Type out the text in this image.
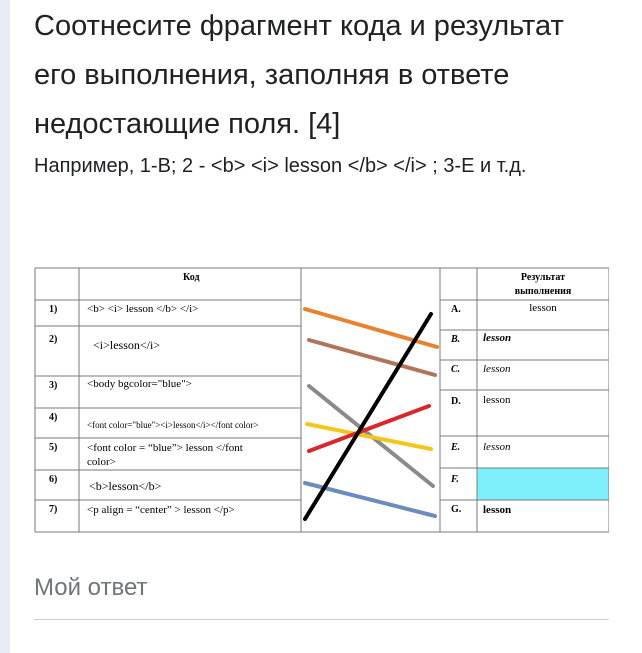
Соотнесите фрагмент кода и результат его выполнения, заполняя в ответе недостающие поля. [4]
Например, 1-B; 2 - <b> <i> lesson </b> </i> ; 3-E и т.д.
Код	Результат
выполнения
1)
2)
3)
4)
5)
6)
7)
<b> <i> lesson </b> </i>
<i>lesson</i>
<body bgcolor="blue">
<font color="blue"><i>lesson</i></font color>
<font color = “blue”> lesson </font
color>
<b>lesson</b>
<p align = “center” > lesson </p>
A.
B.
C.
D.
E.
F.
G.
lesson
lesson
lesson
lesson
lesson
lesson
Мой ответ
